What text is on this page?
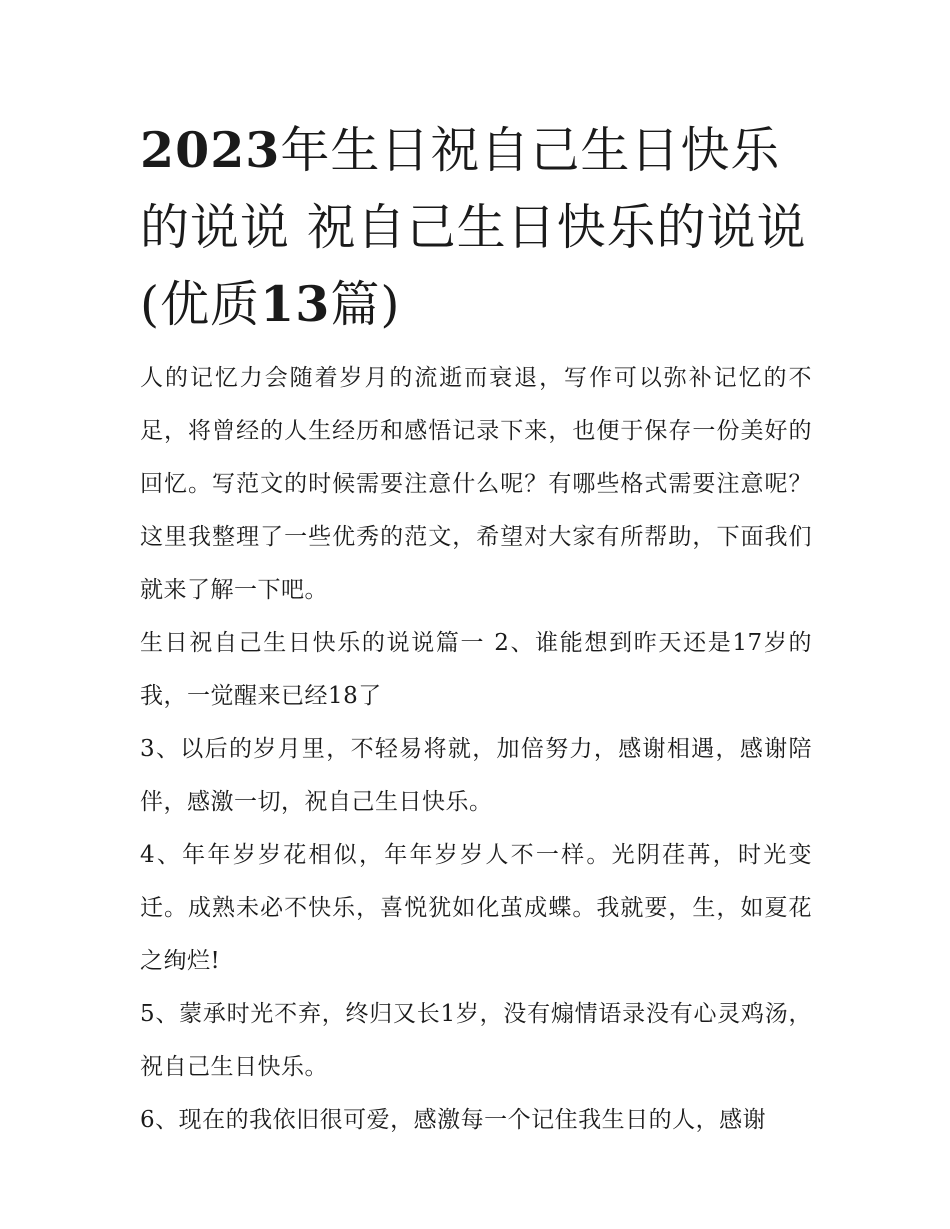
2023年生日祝自己生日快乐的说说 祝自己生日快乐的说说(优质13篇)

人的记忆力会随着岁月的流逝而衰退，写作可以弥补记忆的不足，将曾经的人生经历和感悟记录下来，也便于保存一份美好的回忆。写范文的时候需要注意什么呢？有哪些格式需要注意呢？这里我整理了一些优秀的范文，希望对大家有所帮助，下面我们就来了解一下吧。

生日祝自己生日快乐的说说篇一 2、谁能想到昨天还是17岁的我，一觉醒来已经18了

3、以后的岁月里，不轻易将就，加倍努力，感谢相遇，感谢陪伴，感激一切，祝自己生日快乐。

4、年年岁岁花相似，年年岁岁人不一样。光阴荏苒，时光变迁。成熟未必不快乐，喜悦犹如化茧成蝶。我就要，生，如夏花之绚烂!

5、蒙承时光不弃，终归又长1岁，没有煽情语录没有心灵鸡汤，祝自己生日快乐。

6、现在的我依旧很可爱，感激每一个记住我生日的人，感谢
